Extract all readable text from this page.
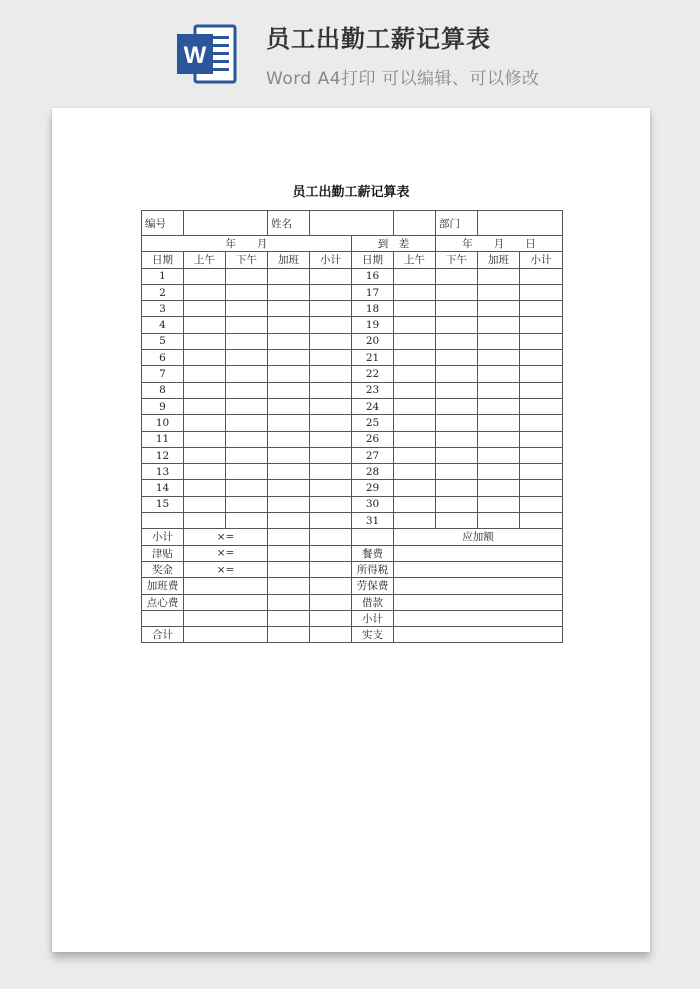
W
员工出勤工薪记算表
Word A4打印 可以编辑、可以修改
员工出勤工薪记算表
编号			姓名				部门		
年　　月					到　差		年　　月　　日		
日期	上午	下午	加班	小计	日期	上午	下午	加班	小计
1					16				
2					17				
3					18				
4					19				
5					20				
6					21				
7					22				
8					23				
9					24				
10					25				
11					26				
12					27				
13					28				
14					29				
15					30				
					31				
小计	×=					应加额			
津贴	×=				餐费				
奖金	×=				所得税				
加班费					劳保费				
点心费					借款				
					小计				
合计					实支				
